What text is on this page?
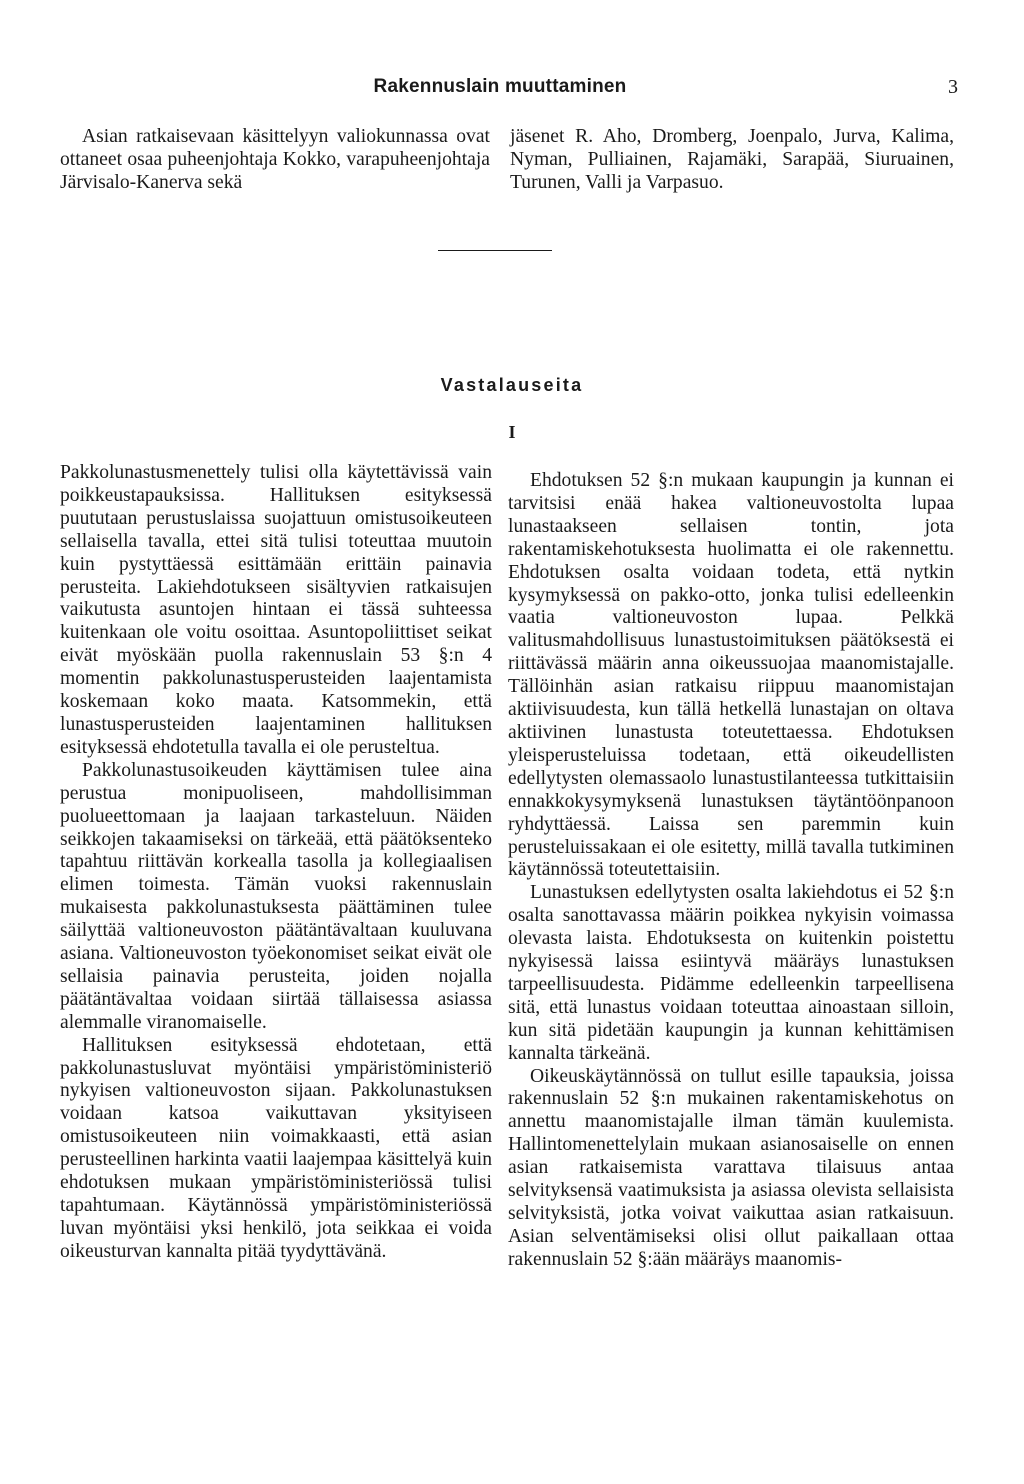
Rakennuslain muuttaminen	3
Asian ratkaisevaan käsittelyyn valiokunnassa ovat ottaneet osaa puheenjohtaja Kokko, varapuheenjohtaja Järvisalo-Kanerva sekä
jäsenet R. Aho, Dromberg, Joenpalo, Jurva, Kalima, Nyman, Pulliainen, Rajamäki, Sarapää, Siuruainen, Turunen, Valli ja Varpasuo.
Vastalauseita
I

Pakkolunastusmenettely tulisi olla käytettävissä vain poikkeustapauksissa. Hallituksen esityksessä puututaan perustuslaissa suojattuun omistusoikeuteen sellaisella tavalla, ettei sitä tulisi toteuttaa muutoin kuin pystyttäessä esittämään erittäin painavia perusteita. Lakiehdotukseen sisältyvien ratkaisujen vaikutusta asuntojen hintaan ei tässä suhteessa kuitenkaan ole voitu osoittaa. Asuntopoliittiset seikat eivät myöskään puolla rakennuslain 53 §:n 4 momentin pakkolunastusperusteiden laajentamista koskemaan koko maata. Katsommekin, että lunastusperusteiden laajentaminen hallituksen esityksessä ehdotetulla tavalla ei ole perusteltua.

Pakkolunastusoikeuden käyttämisen tulee aina perustua monipuoliseen, mahdollisimman puolueettomaan ja laajaan tarkasteluun. Näiden seikkojen takaamiseksi on tärkeää, että päätöksenteko tapahtuu riittävän korkealla tasolla ja kollegiaalisen elimen toimesta. Tämän vuoksi rakennuslain mukaisesta pakkolunastuksesta päättäminen tulee säilyttää valtioneuvoston päätäntävaltaan kuuluvana asiana. Valtioneuvoston työekonomiset seikat eivät ole sellaisia painavia perusteita, joiden nojalla päätäntävaltaa voidaan siirtää tällaisessa asiassa alemmalle viranomaiselle.

Hallituksen esityksessä ehdotetaan, että pakkolunastusluvat myöntäisi ympäristöministeriö nykyisen valtioneuvoston sijaan. Pakkolunastuksen voidaan katsoa vaikuttavan yksityiseen omistusoikeuteen niin voimakkaasti, että asian perusteellinen harkinta vaatii laajempaa käsittelyä kuin ehdotuksen mukaan ympäristöministeriössä tulisi tapahtumaan. Käytännössä ympäristöministeriössä luvan myöntäisi yksi henkilö, jota seikkaa ei voida oikeusturvan kannalta pitää tyydyttävänä.

Ehdotuksen 52 §:n mukaan kaupungin ja kunnan ei tarvitsisi enää hakea valtioneuvostolta lupaa lunastaakseen sellaisen tontin, jota rakentamiskehotuksesta huolimatta ei ole rakennettu. Ehdotuksen osalta voidaan todeta, että nytkin kysymyksessä on pakko-otto, jonka tulisi edelleenkin vaatia valtioneuvoston lupaa. Pelkkä valitusmahdollisuus lunastustoimituksen päätöksestä ei riittävässä määrin anna oikeussuojaa maanomistajalle. Tällöinhän asian ratkaisu riippuu maanomistajan aktiivisuudesta, kun tällä hetkellä lunastajan on oltava aktiivinen lunastusta toteutettaessa. Ehdotuksen yleisperusteluissa todetaan, että oikeudellisten edellytysten olemassaolo lunastustilanteessa tutkittaisiin ennakkokysymyksenä lunastuksen täytäntöönpanoon ryhdyttäessä. Laissa sen paremmin kuin perusteluissakaan ei ole esitetty, millä tavalla tutkiminen käytännössä toteutettaisiin.

Lunastuksen edellytysten osalta lakiehdotus ei 52 §:n osalta sanottavassa määrin poikkea nykyisin voimassa olevasta laista. Ehdotuksesta on kuitenkin poistettu nykyisessä laissa esiintyvä määräys lunastuksen tarpeellisuudesta. Pidämme edelleenkin tarpeellisena sitä, että lunastus voidaan toteuttaa ainoastaan silloin, kun sitä pidetään kaupungin ja kunnan kehittämisen kannalta tärkeänä.

Oikeuskäytännössä on tullut esille tapauksia, joissa rakennuslain 52 §:n mukainen rakentamiskehotus on annettu maanomistajalle ilman tämän kuulemista. Hallintomenettelylain mukaan asianosaiselle on ennen asian ratkaisemista varattava tilaisuus antaa selvityksensä vaatimuksista ja asiassa olevista sellaisista selvityksistä, jotka voivat vaikuttaa asian ratkaisuun. Asian selventämiseksi olisi ollut paikallaan ottaa rakennuslain 52 §:ään määräys maanomis-
